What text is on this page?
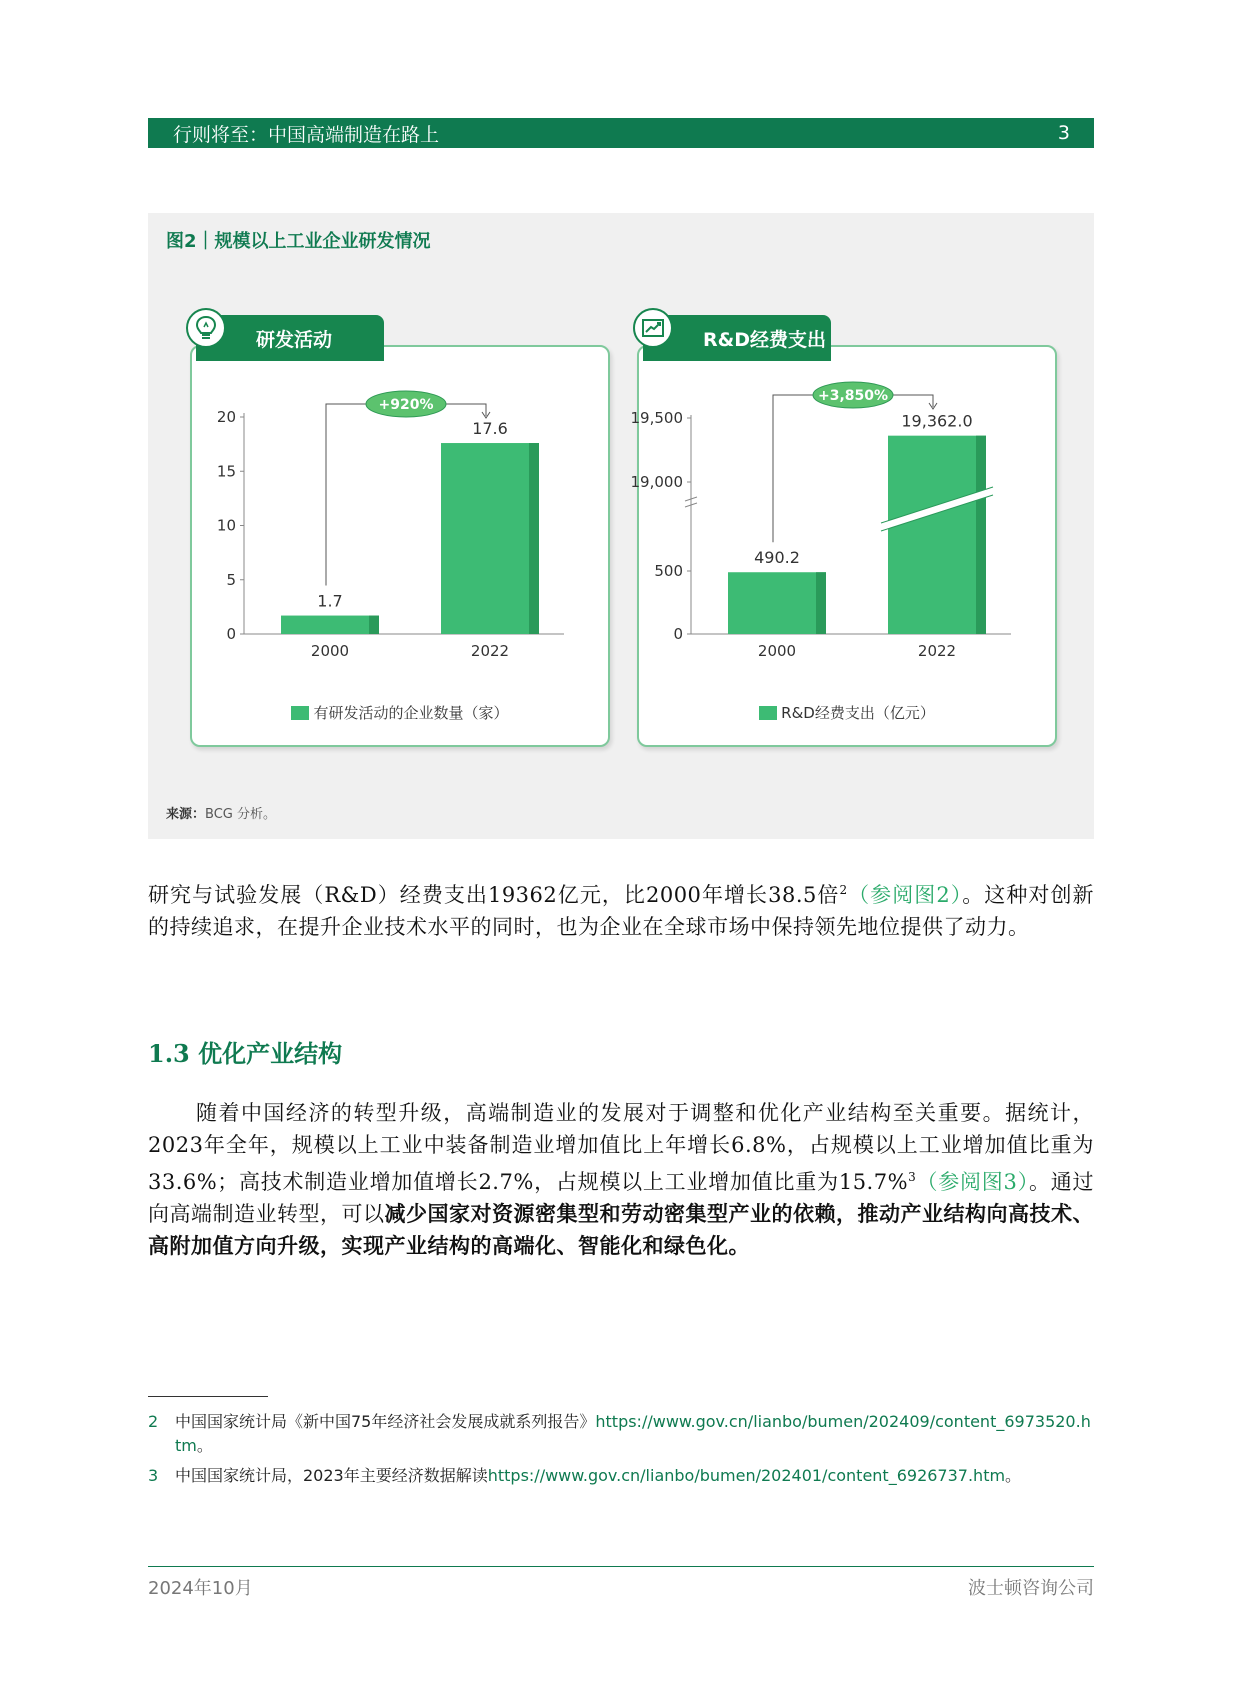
行则将至：中国高端制造在路上	3
图2｜规模以上工业企业研发情况
研发活动
0
5
10
15
20
1.7
2000
17.6
2022
+920%
有研发活动的企业数量（家）
R&D经费支出
0
500
19,000
19,500
490.2
2000
19,362.0
2022
+3,850%
R&D经费支出（亿元）
来源：BCG 分析。
研究与试验发展（R&D）经费支出19362亿元，比2000年增长38.5倍$^2$（参阅图2）。这种对创新的持续追求，在提升企业技术水平的同时，也为企业在全球市场中保持领先地位提供了动力。
1.3 优化产业结构
随着中国经济的转型升级，高端制造业的发展对于调整和优化产业结构至关重要。据统计，2023年全年，规模以上工业中装备制造业增加值比上年增长6.8%，占规模以上工业增加值比重为33.6%；高技术制造业增加值增长2.7%，占规模以上工业增加值比重为15.7%$^3$（参阅图3）。通过向高端制造业转型，可以减少国家对资源密集型和劳动密集型产业的依赖，推动产业结构向高技术、高附加值方向升级，实现产业结构的高端化、智能化和绿色化。
2	中国国家统计局《新中国75年经济社会发展成就系列报告》https://www.gov.cn/lianbo/bumen/202409/content_6973520.htm。
3	中国国家统计局，2023年主要经济数据解读https://www.gov.cn/lianbo/bumen/202401/content_6926737.htm。
2024年10月	波士顿咨询公司
